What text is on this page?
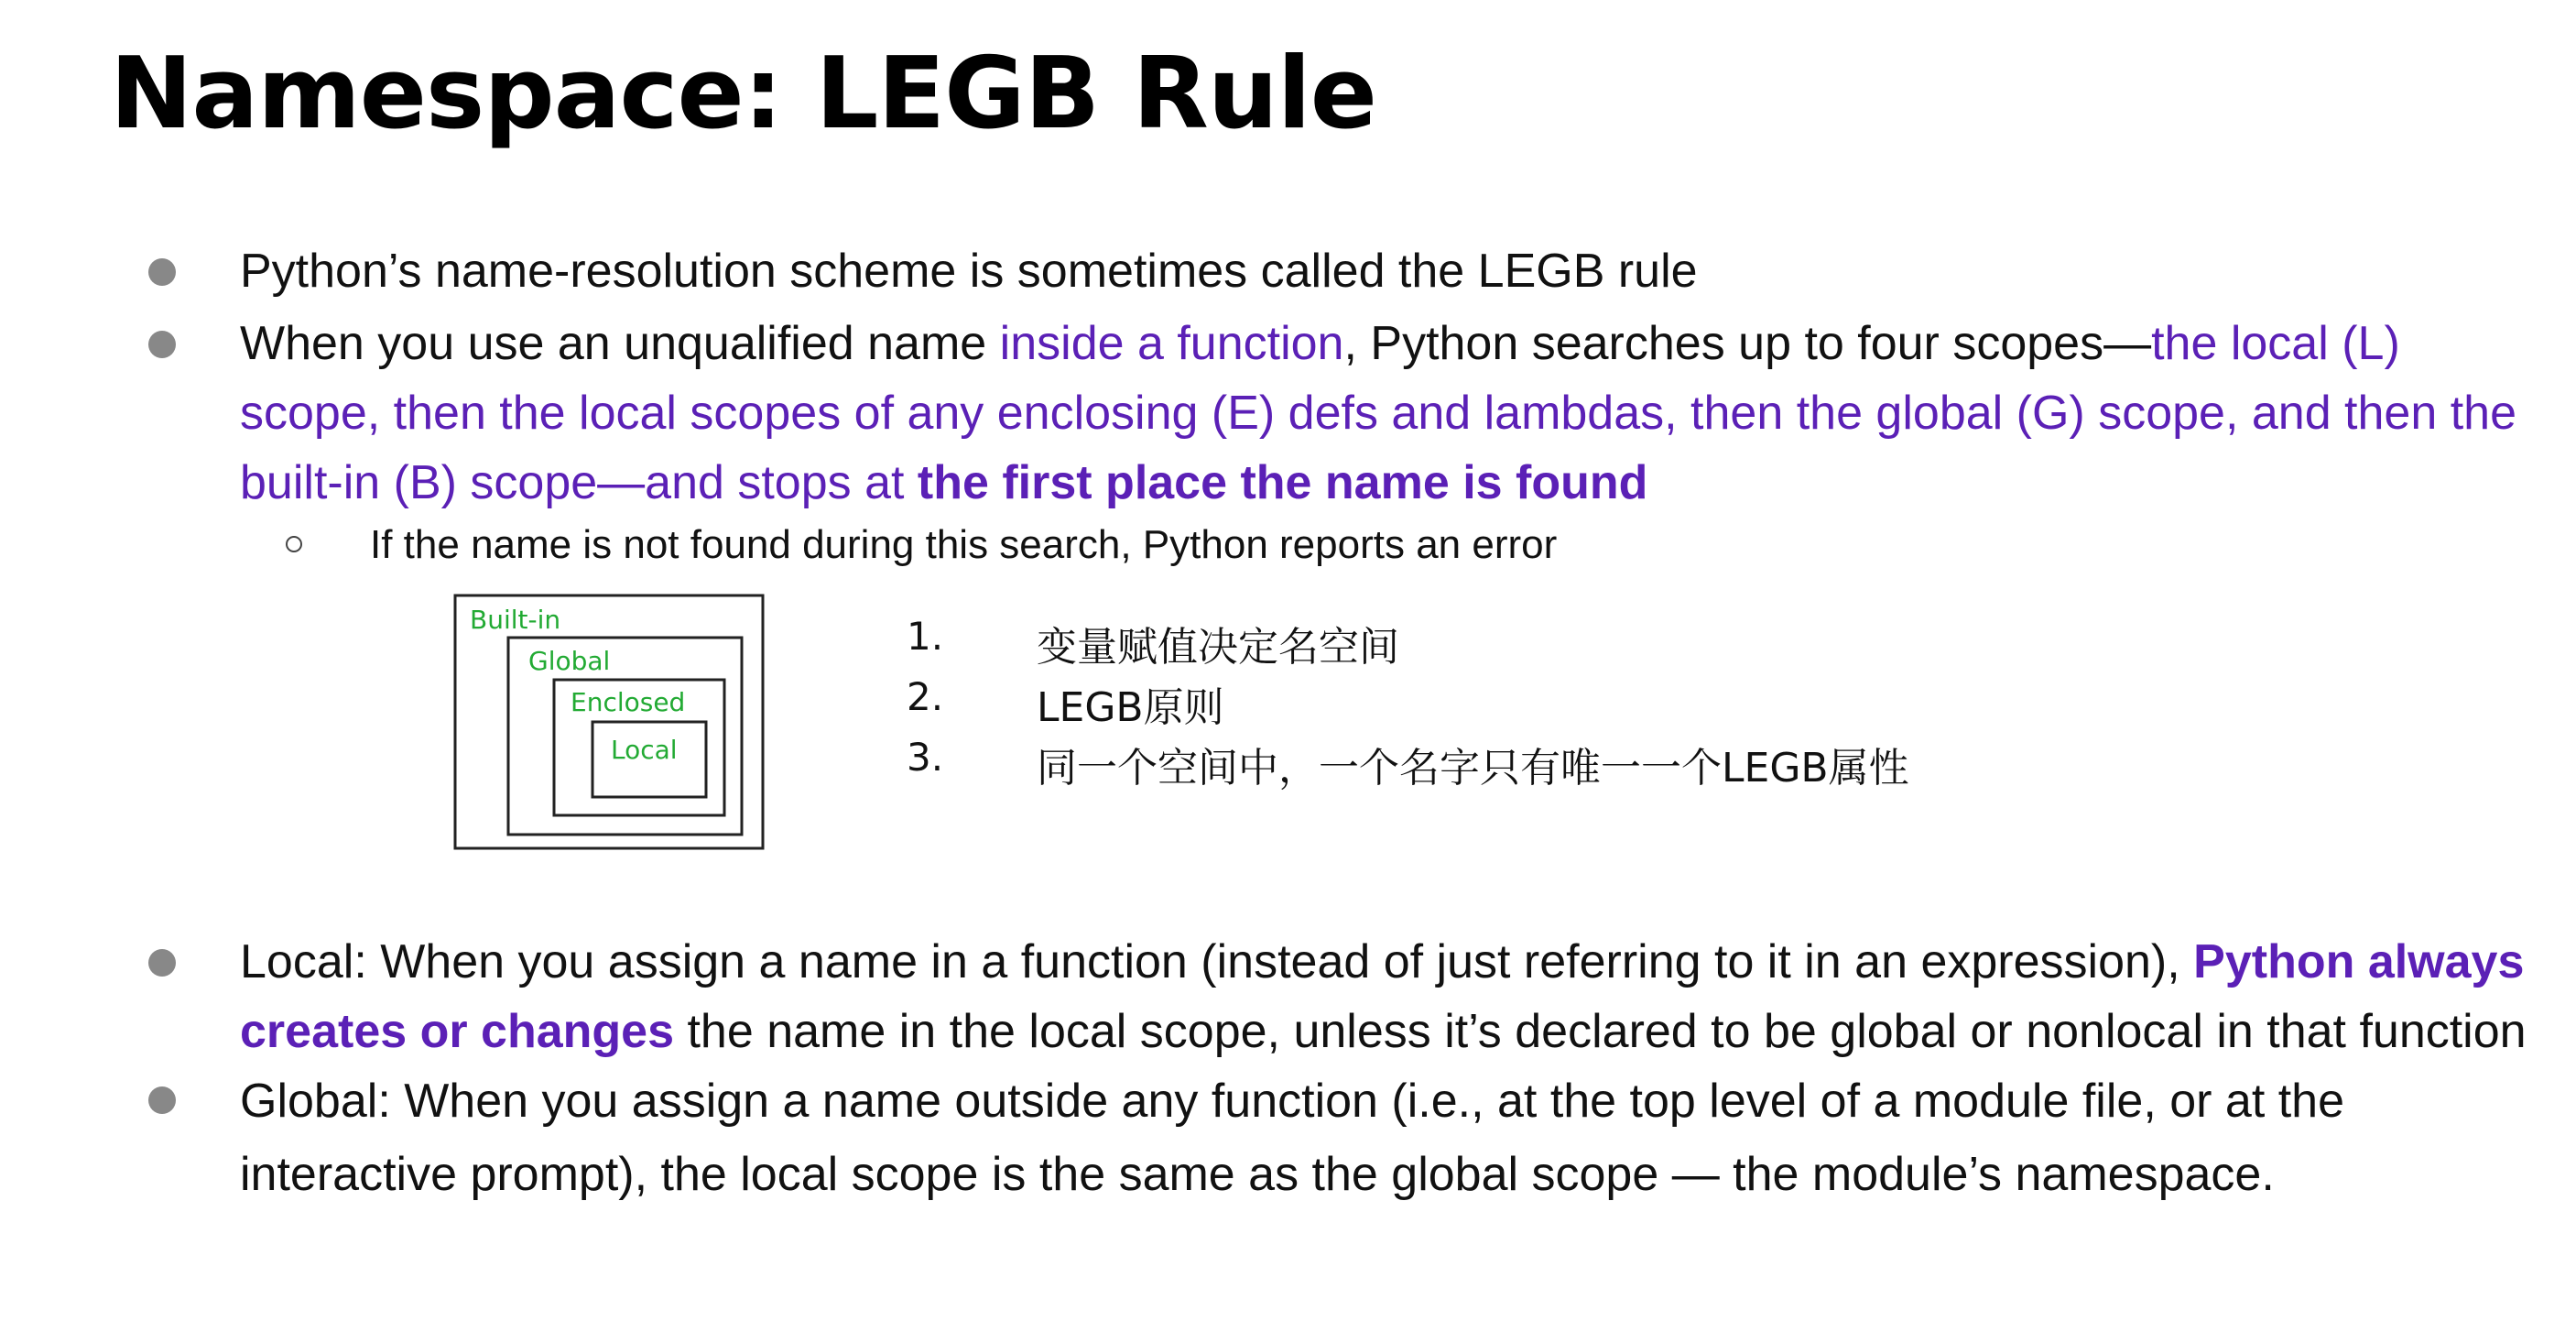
Namespace: LEGB Rule
Python’s name-resolution scheme is sometimes called the LEGB rule
When you use an unqualified name inside a function, Python searches up to four scopes—the local (L) scope, then the local scopes of any enclosing (E) defs and lambdas, then the global (G) scope, and then the built-in (B) scope—and stops at the first place the name is found
Local: When you assign a name in a function (instead of just referring to it in an expression), Python always creates or changes the name in the local scope, unless it’s declared to be global or nonlocal in that function
Global: When you assign a name outside any function (i.e., at the top level of a module file, or at the interactive prompt), the local scope is the same as the global scope — the module’s namespace.
If the name is not found during this search, Python reports an error
Built-in
Global
Enclosed
Local
1. 变量赋值决定名空间
2. LEGB原则
3. 同一个空间中，一个名字只有唯一一个LEGB属性
